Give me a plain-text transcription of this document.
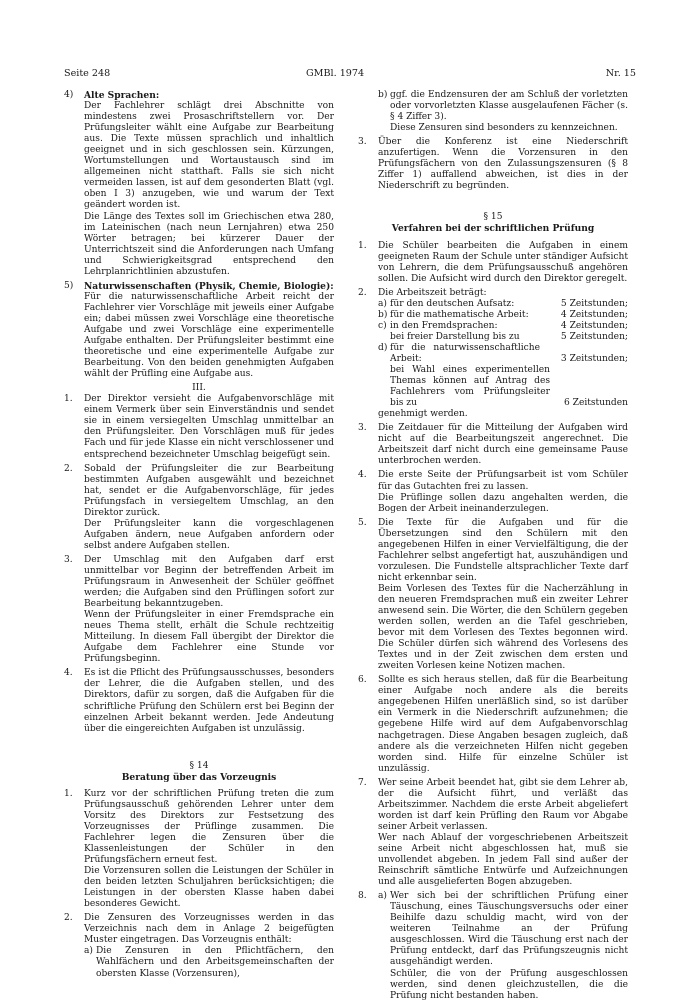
Seite 248	GMBl. 1974	Nr. 15
4) Alte Sprachen:
Der Fachlehrer schlägt drei Abschnitte von mindestens zwei Prosaschriftstellern vor. Der Prüfungsleiter wählt eine Aufgabe zur Bearbeitung aus. Die Texte müssen sprachlich und inhaltlich geeignet und in sich geschlossen sein. Kürzungen, Wortumstellungen und Wortaustausch sind im allgemeinen nicht statthaft. Falls sie sich nicht vermeiden lassen, ist auf dem gesonderten Blatt (vgl. oben I 3) anzugeben, wie und warum der Text geändert worden ist.
Die Länge des Textes soll im Griechischen etwa 280, im Lateinischen (nach neun Lernjahren) etwa 250 Wörter betragen; bei kürzerer Dauer der Unterrichtszeit sind die Anforderungen nach Umfang und Schwierigkeitsgrad entsprechend den Lehrplanrichtlinien abzustufen.
5) Naturwissenschaften (Physik, Chemie, Biologie):
Für die naturwissenschaftliche Arbeit reicht der Fachlehrer vier Vorschläge mit jeweils einer Aufgabe ein; dabei müssen zwei Vorschläge eine theoretische Aufgabe und zwei Vorschläge eine experimentelle Aufgabe enthalten. Der Prüfungsleiter bestimmt eine theoretische und eine experimentelle Aufgabe zur Bearbeitung. Von den beiden genehmigten Aufgaben wählt der Prüfling eine Aufgabe aus.

III.

1. Der Direktor versieht die Aufgabenvorschläge mit einem Vermerk über sein Einverständnis und sendet sie in einem versiegelten Umschlag unmittelbar an den Prüfungsleiter. Den Vorschlägen muß für jedes Fach und für jede Klasse ein nicht verschlossener und entsprechend bezeichneter Umschlag beigefügt sein.
2. Sobald der Prüfungsleiter die zur Bearbeitung bestimmten Aufgaben ausgewählt und bezeichnet hat, sendet er die Aufgabenvorschläge, für jedes Prüfungsfach in versiegeltem Umschlag, an den Direktor zurück.
Der Prüfungsleiter kann die vorgeschlagenen Aufgaben ändern, neue Aufgaben anfordern oder selbst andere Aufgaben stellen.
3. Der Umschlag mit den Aufgaben darf erst unmittelbar vor Beginn der betreffenden Arbeit im Prüfungsraum in Anwesenheit der Schüler geöffnet werden; die Aufgaben sind den Prüflingen sofort zur Bearbeitung bekanntzugeben.
Wenn der Prüfungsleiter in einer Fremdsprache ein neues Thema stellt, erhält die Schule rechtzeitig Mitteilung. In diesem Fall übergibt der Direktor die Aufgabe dem Fachlehrer eine Stunde vor Prüfungsbeginn.
4. Es ist die Pflicht des Prüfungsausschusses, besonders der Lehrer, die die Aufgaben stellen, und des Direktors, dafür zu sorgen, daß die Aufgaben für die schriftliche Prüfung den Schülern erst bei Beginn der einzelnen Arbeit bekannt werden. Jede Andeutung über die eingereichten Aufgaben ist unzulässig.

§ 14

Beratung über das Vorzeugnis

1. Kurz vor der schriftlichen Prüfung treten die zum Prüfungsausschuß gehörenden Lehrer unter dem Vorsitz des Direktors zur Festsetzung des Vorzeugnisses der Prüflinge zusammen. Die Fachlehrer legen die Zensuren über die Klassenleistungen der Schüler in den Prüfungsfächern erneut fest.
Die Vorzensuren sollen die Leistungen der Schüler in den beiden letzten Schuljahren berücksichtigen; die Leistungen in der obersten Klasse haben dabei besonderes Gewicht.
2. Die Zensuren des Vorzeugnisses werden in das Verzeichnis nach dem in Anlage 2 beigefügten Muster eingetragen. Das Vorzeugnis enthält:
a) Die Zensuren in den Pflichtfächern, den Wahlfächern und den Arbeitsgemeinschaften der obersten Klasse (Vorzensuren),
b) ggf. die Endzensuren der am Schluß der vorletzten oder vorvorletzten Klasse ausgelaufenen Fächer (s. § 4 Ziffer 3).
Diese Zensuren sind besonders zu kennzeichnen.
3. Über die Konferenz ist eine Niederschrift anzufertigen. Wenn die Vorzensuren in den Prüfungsfächern von den Zulassungszensuren (§ 8 Ziffer 1) auffallend abweichen, ist dies in der Niederschrift zu begründen.

§ 15

Verfahren bei der schriftlichen Prüfung

1. Die Schüler bearbeiten die Aufgaben in einem geeigneten Raum der Schule unter ständiger Aufsicht von Lehrern, die dem Prüfungsausschuß angehören sollen. Die Aufsicht wird durch den Direktor geregelt.
2. Die Arbeitszeit beträgt:
a) für den deutschen Aufsatz:	5 Zeitstunden;
b) für die mathematische Arbeit:	4 Zeitstunden;
c) in den Fremdsprachen:	4 Zeitstunden;
bei freier Darstellung bis zu	5 Zeitstunden;
d) für die naturwissenschaftliche Arbeit:	3 Zeitstunden;
bei Wahl eines experimentellen Themas können auf Antrag des Fachlehrers vom Prüfungsleiter bis zu	6 Zeitstunden
genehmigt werden.
3. Die Zeitdauer für die Mitteilung der Aufgaben wird nicht auf die Bearbeitungszeit angerechnet. Die Arbeitszeit darf nicht durch eine gemeinsame Pause unterbrochen werden.
4. Die erste Seite der Prüfungsarbeit ist vom Schüler für das Gutachten frei zu lassen.
Die Prüflinge sollen dazu angehalten werden, die Bogen der Arbeit ineinanderzulegen.
5. Die Texte für die Aufgaben und für die Übersetzungen sind den Schülern mit den angegebenen Hilfen in einer Vervielfältigung, die der Fachlehrer selbst angefertigt hat, auszuhändigen und vorzulesen. Die Fundstelle altsprachlicher Texte darf nicht erkennbar sein.
Beim Vorlesen des Textes für die Nacherzählung in den neueren Fremdsprachen muß ein zweiter Lehrer anwesend sein. Die Wörter, die den Schülern gegeben werden sollen, werden an die Tafel geschrieben, bevor mit dem Vorlesen des Textes begonnen wird. Die Schüler dürfen sich während des Vorlesens des Textes und in der Zeit zwischen dem ersten und zweiten Vorlesen keine Notizen machen.
6. Sollte es sich heraus stellen, daß für die Bearbeitung einer Aufgabe noch andere als die bereits angegebenen Hilfen unerläßlich sind, so ist darüber ein Vermerk in die Niederschrift aufzunehmen; die gegebene Hilfe wird auf dem Aufgabenvorschlag nachgetragen. Diese Angaben besagen zugleich, daß andere als die verzeichneten Hilfen nicht gegeben worden sind. Hilfe für einzelne Schüler ist unzulässig.
7. Wer seine Arbeit beendet hat, gibt sie dem Lehrer ab, der die Aufsicht führt, und verläßt das Arbeitszimmer. Nachdem die erste Arbeit abgeliefert worden ist darf kein Prüfling den Raum vor Abgabe seiner Arbeit verlassen.
Wer nach Ablauf der vorgeschriebenen Arbeitszeit seine Arbeit nicht abgeschlossen hat, muß sie unvollendet abgeben. In jedem Fall sind außer der Reinschrift sämtliche Entwürfe und Aufzeichnungen und alle ausgelieferten Bogen abzugeben.
8. a) Wer sich bei der schriftlichen Prüfung einer Täuschung, eines Täuschungsversuchs oder einer Beihilfe dazu schuldig macht, wird von der weiteren Teilnahme an der Prüfung ausgeschlossen. Wird die Täuschung erst nach der Prüfung entdeckt, darf das Prüfungszeugnis nicht ausgehändigt werden.
Schüler, die von der Prüfung ausgeschlossen werden, sind denen gleichzustellen, die die Prüfung nicht bestanden haben.
